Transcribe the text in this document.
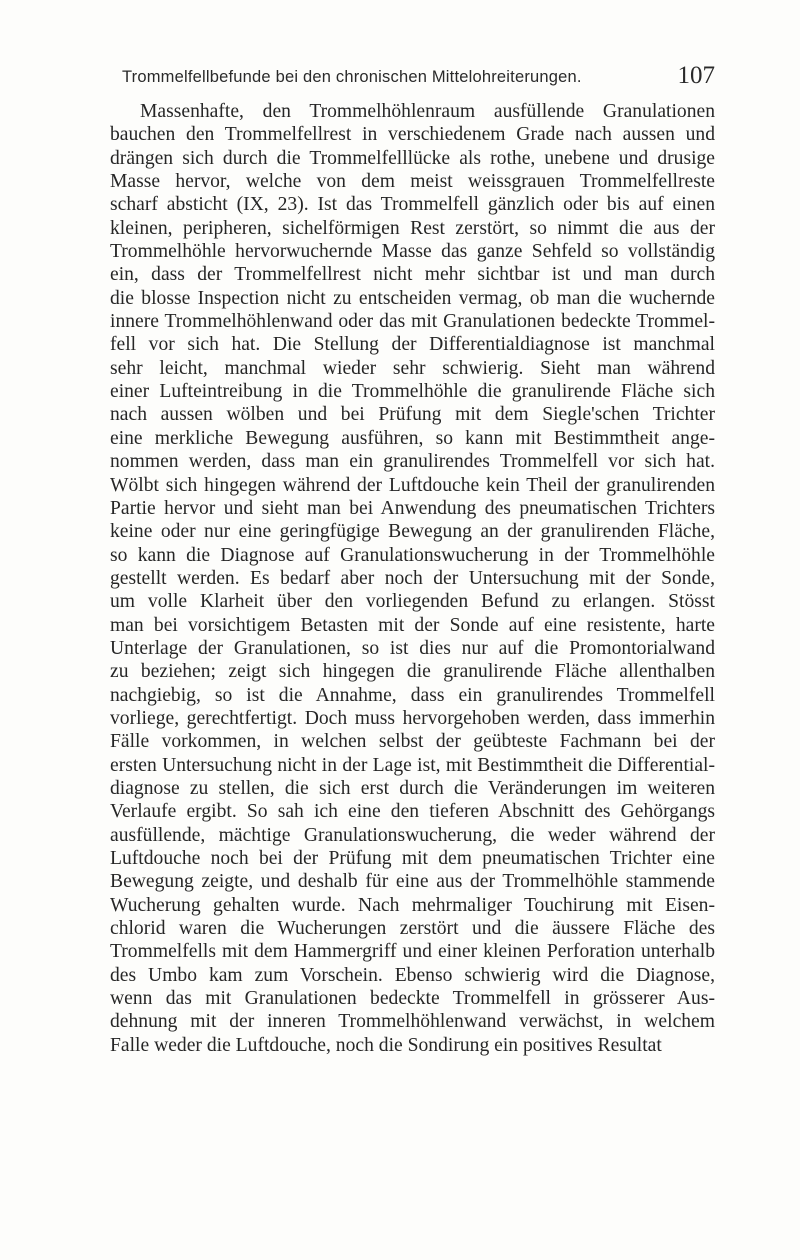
Trommelfellbefunde bei den chronischen Mittelohreiterungen.	107
Massenhafte, den Trommelhöhlenraum ausfüllende Granulationen
bauchen den Trommelfellrest in verschiedenem Grade nach aussen und
drängen sich durch die Trommelfelllücke als rothe, unebene und drusige
Masse hervor, welche von dem meist weissgrauen Trommelfellreste
scharf absticht (IX, 23). Ist das Trommelfell gänzlich oder bis auf einen
kleinen, peripheren, sichelförmigen Rest zerstört, so nimmt die aus der
Trommelhöhle hervorwuchernde Masse das ganze Sehfeld so vollständig
ein, dass der Trommelfellrest nicht mehr sichtbar ist und man durch
die blosse Inspection nicht zu entscheiden vermag, ob man die wuchernde
innere Trommelhöhlenwand oder das mit Granulationen bedeckte Trommel-
fell vor sich hat. Die Stellung der Differentialdiagnose ist manchmal
sehr leicht, manchmal wieder sehr schwierig. Sieht man während
einer Lufteintreibung in die Trommelhöhle die granulirende Fläche sich
nach aussen wölben und bei Prüfung mit dem Siegle'schen Trichter
eine merkliche Bewegung ausführen, so kann mit Bestimmtheit ange-
nommen werden, dass man ein granulirendes Trommelfell vor sich hat.
Wölbt sich hingegen während der Luftdouche kein Theil der granulirenden
Partie hervor und sieht man bei Anwendung des pneumatischen Trichters
keine oder nur eine geringfügige Bewegung an der granulirenden Fläche,
so kann die Diagnose auf Granulationswucherung in der Trommelhöhle
gestellt werden. Es bedarf aber noch der Untersuchung mit der Sonde,
um volle Klarheit über den vorliegenden Befund zu erlangen. Stösst
man bei vorsichtigem Betasten mit der Sonde auf eine resistente, harte
Unterlage der Granulationen, so ist dies nur auf die Promontorialwand
zu beziehen; zeigt sich hingegen die granulirende Fläche allenthalben
nachgiebig, so ist die Annahme, dass ein granulirendes Trommelfell
vorliege, gerechtfertigt. Doch muss hervorgehoben werden, dass immerhin
Fälle vorkommen, in welchen selbst der geübteste Fachmann bei der
ersten Untersuchung nicht in der Lage ist, mit Bestimmtheit die Differential-
diagnose zu stellen, die sich erst durch die Veränderungen im weiteren
Verlaufe ergibt. So sah ich eine den tieferen Abschnitt des Gehörgangs
ausfüllende, mächtige Granulationswucherung, die weder während der
Luftdouche noch bei der Prüfung mit dem pneumatischen Trichter eine
Bewegung zeigte, und deshalb für eine aus der Trommelhöhle stammende
Wucherung gehalten wurde. Nach mehrmaliger Touchirung mit Eisen-
chlorid waren die Wucherungen zerstört und die äussere Fläche des
Trommelfells mit dem Hammergriff und einer kleinen Perforation unterhalb
des Umbo kam zum Vorschein. Ebenso schwierig wird die Diagnose,
wenn das mit Granulationen bedeckte Trommelfell in grösserer Aus-
dehnung mit der inneren Trommelhöhlenwand verwächst, in welchem
Falle weder die Luftdouche, noch die Sondirung ein positives Resultat
